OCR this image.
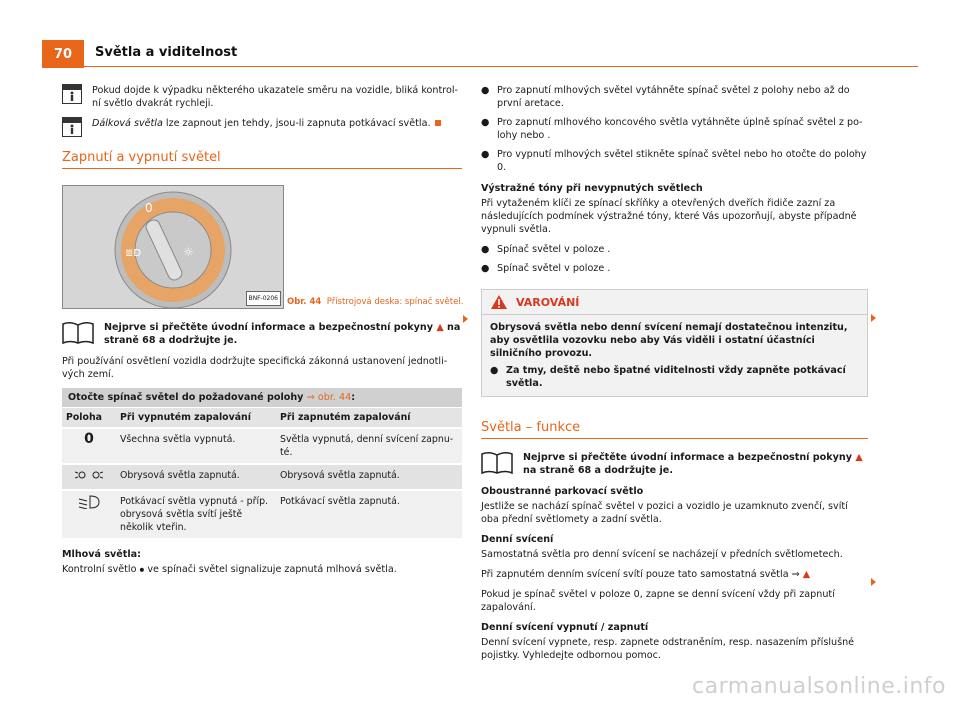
70	Světla a viditelnost
Pokud dojde k výpadku některého ukazatele směru na vozidle, bliká kontrolní světlo dvakrát rychleji.
Dálková světla lze zapnout jen tehdy, jsou-li zapnuta potkávací světla.
Zapnutí a vypnutí světel
0
≣D	☼
BNF-0206	Obr. 44 Přístrojová deska: spínač světel.
Nejprve si přečtěte úvodní informace a bezpečnostní pokyny ▲ na straně 68 a dodržujte je.

Při používání osvětlení vozidla dodržujte specifická zákonná ustanovení jednotlivých zemí.

Otočte spínač světel do požadované polohy ⇒ obr. 44:
Poloha	Při vypnutém zapalování	Při zapnutém zapalování
0	Všechna světla vypnutá.	Světla vypnutá, denní svícení zapnuté.
	Obrysová světla zapnutá.	Obrysová světla zapnutá.
	Potkávací světla vypnutá - příp. obrysová světla svítí ještě několik vteřin.	Potkávací světla zapnutá.

Mlhová světla:

Kontrolní světlo ⦁ ve spínači světel signalizuje zapnutá mlhová světla.

● Pro zapnutí mlhových světel vytáhněte spínač světel z polohy nebo až do první aretace.
● Pro zapnutí mlhového koncového světla vytáhněte úplně spínač světel z polohy nebo .
● Pro vypnutí mlhových světel stikněte spínač světel nebo ho otočte do polohy 0.

Výstražné tóny při nevypnutých světlech

Při vytaženém klíči ze spínací skříňky a otevřených dveřích řidiče zazní za následujících podmínek výstražné tóny, které Vás upozorňují, abyste případně vypnuli světla.

● Spínač světel v poloze .
● Spínač světel v poloze .
VAROVÁNÍ

Obrysová světla nebo denní svícení nemají dostatečnou intenzitu, aby osvětlila vozovku nebo aby Vás viděli i ostatní účastníci silničního provozu.

● Za tmy, deště nebo špatné viditelnosti vždy zapněte potkávací světla.
Světla – funkce
Nejprve si přečtěte úvodní informace a bezpečnostní pokyny ▲ na straně 68 a dodržujte je.

Oboustranné parkovací světlo

Jestliže se nachází spínač světel v pozici a vozidlo je uzamknuto zvenčí, svítí oba přední světlomety a zadní světla.

Denní svícení

Samostatná světla pro denní svícení se nacházejí v předních světlometech.

Při zapnutém denním svícení svítí pouze tato samostatná světla ⇒ ▲

Pokud je spínač světel v poloze 0, zapne se denní svícení vždy při zapnutí zapalování.

Denní svícení vypnutí / zapnutí

Denní svícení vypnete, resp. zapnete odstraněním, resp. nasazením příslušné pojistky. Vyhledejte odbornou pomoc.

carmanualsonline.info
